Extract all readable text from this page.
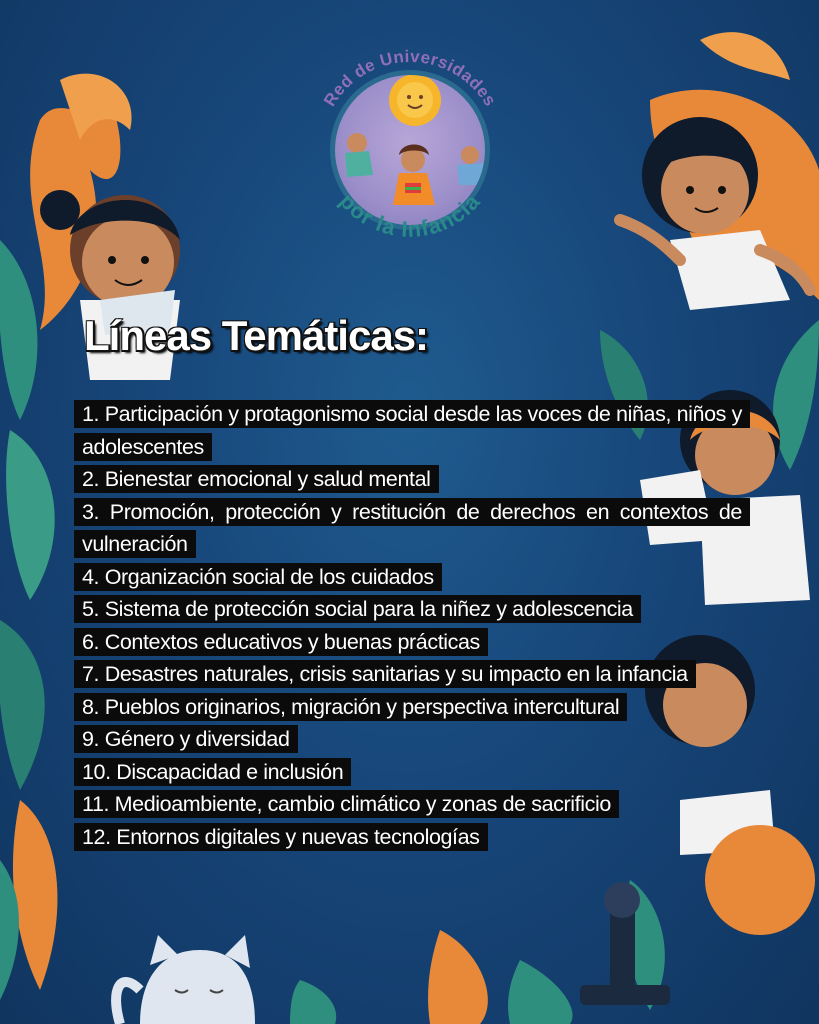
Red de Universidades
por la Infancia
Líneas Temáticas:

1. Participación y protagonismo social desde las voces de niñas, niños y adolescentes

2. Bienestar emocional y salud mental

3. Promoción, protección y restitución de derechos en contextos de vulneración

4. Organización social de los cuidados

5. Sistema de protección social para la niñez y adolescencia

6. Contextos educativos y buenas prácticas

7. Desastres naturales, crisis sanitarias y su impacto en la infancia

8. Pueblos originarios, migración y perspectiva intercultural

9. Género y diversidad

10. Discapacidad e inclusión

11. Medioambiente, cambio climático y zonas de sacrificio

12. Entornos digitales y nuevas tecnologías
